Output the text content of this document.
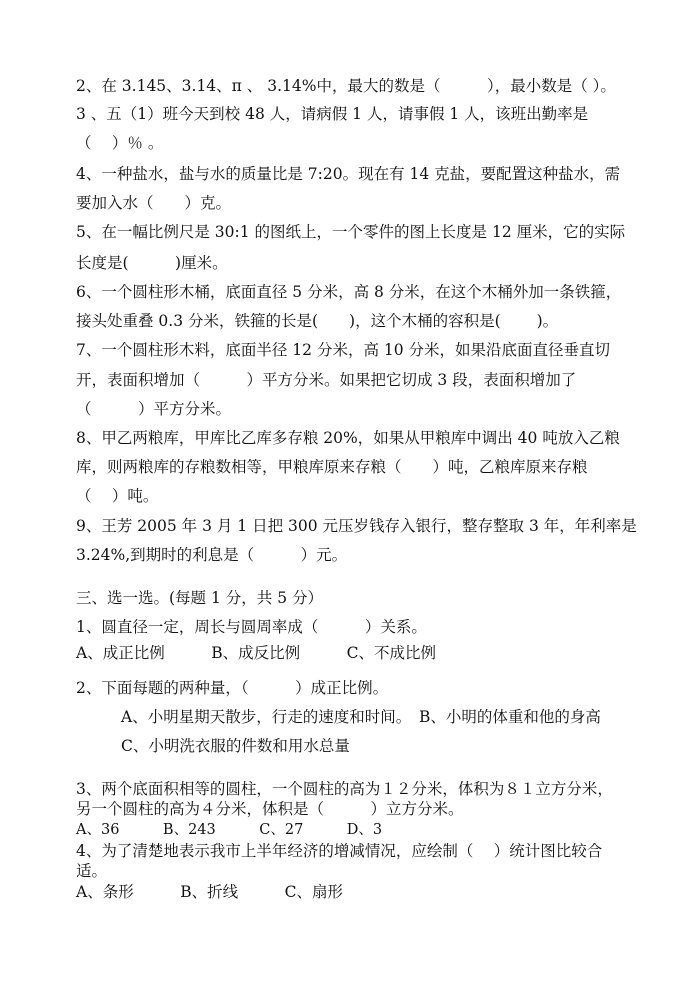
2、在 3.145、3.14、π 、 3.14%中，最大的数是（　　　），最小数是（ ）。

3 、五（1）班今天到校 48 人，请病假 1 人，请事假 1 人，该班出勤率是

（　 ）％ 。

4、一种盐水，盐与水的质量比是 7:20。现在有 14 克盐，要配置这种盐水，需

要加入水（　　）克。

5、在一幅比例尺是 30:1 的图纸上，一个零件的图上长度是 12 厘米，它的实际

长度是(　　　)厘米。

6、一个圆柱形木桶，底面直径 5 分米，高 8 分米，在这个木桶外加一条铁箍，

接头处重叠 0.3 分米，铁箍的长是(　　)，这个木桶的容积是(　　 )。

7、一个圆柱形木料，底面半径 12 分米，高 10 分米，如果沿底面直径垂直切

开，表面积增加（　　　）平方分米。如果把它切成 3 段，表面积增加了

（　　　）平方分米。

8、甲乙两粮库，甲库比乙库多存粮 20%，如果从甲粮库中调出 40 吨放入乙粮

库，则两粮库的存粮数相等，甲粮库原来存粮（　　）吨，乙粮库原来存粮

（　 ）吨。

9、王芳 2005 年 3 月 1 日把 300 元压岁钱存入银行，整存整取 3 年，年利率是

3.24%,到期时的利息是（　　　）元。

三、选一选。(每题 1 分，共 5 分）

1、圆直径一定，周长与圆周率成（　　　）关系。

A、成正比例　　　B、成反比例　　　C、不成比例

2、下面每题的两种量，（　　　）成正比例。

A、小明星期天散步，行走的速度和时间。　B、小明的体重和他的身高

C、小明洗衣服的件数和用水总量

3、两个底面积相等的圆柱，一个圆柱的高为１２分米，体积为８１立方分米，

另一个圆柱的高为４分米，体积是（　　　）立方分米。

A、36　　　B、243　　　C、27　　　D、3

4、为了清楚地表示我市上半年经济的增减情况，应绘制（　 ）统计图比较合

适。

A、条形　　　B、折线　　　C、扇形
